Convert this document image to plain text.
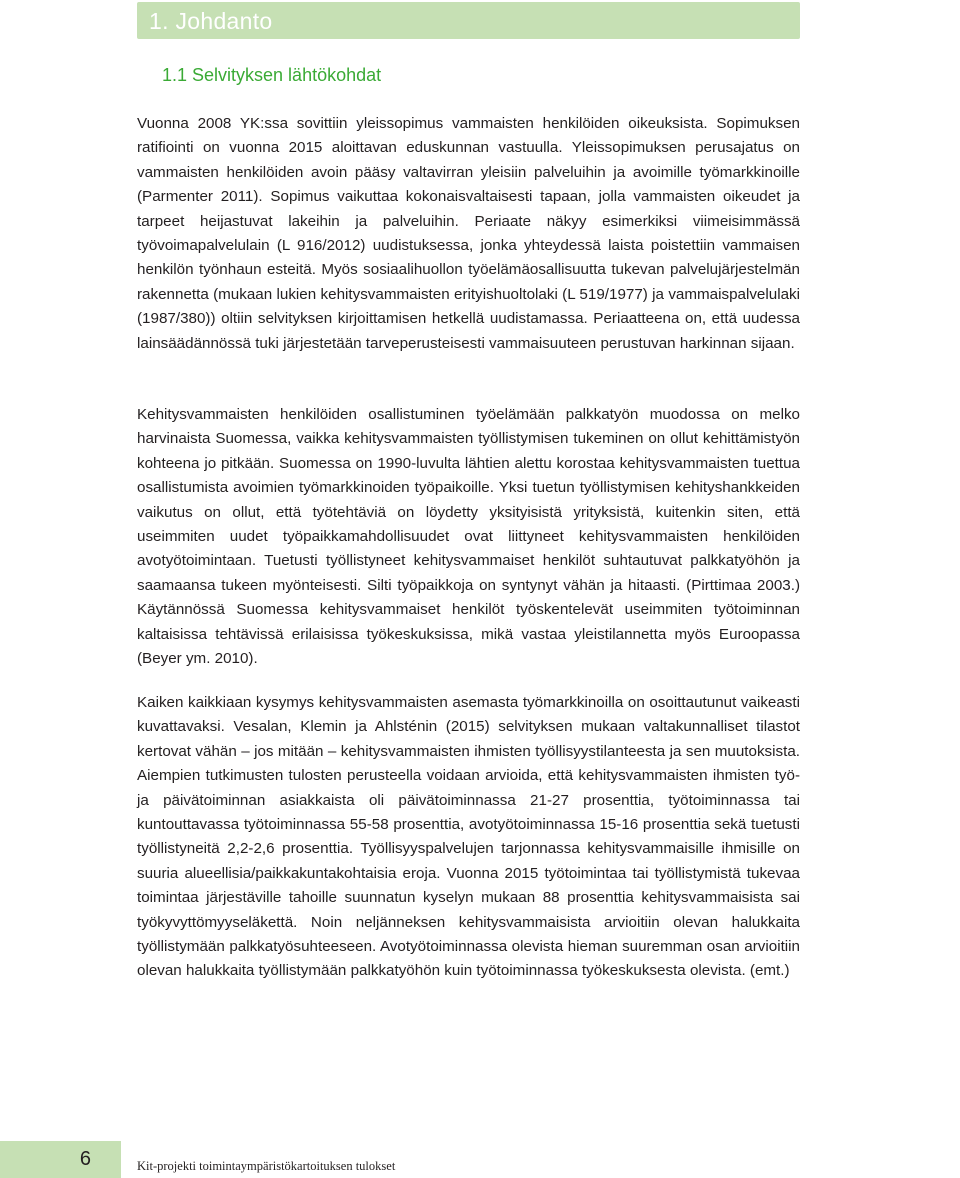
1. Johdanto
1.1 Selvityksen lähtökohdat

Vuonna 2008 YK:ssa sovittiin yleissopimus vammaisten henkilöiden oikeuksista. Sopimuksen ratifiointi on vuonna 2015 aloittavan eduskunnan vastuulla. Yleissopimuksen perusajatus on vammaisten henkilöiden avoin pääsy valtavirran yleisiin palveluihin ja avoimille työmarkkinoille (Parmenter 2011). Sopimus vaikuttaa kokonaisvaltaisesti tapaan, jolla vammaisten oikeudet ja tarpeet heijastuvat lakeihin ja palveluihin. Periaate näkyy esimerkiksi viimeisimmässä työvoimapalvelulain (L 916/2012) uudistuksessa, jonka yhteydessä laista poistettiin vammaisen henkilön työnhaun esteitä. Myös sosiaalihuollon työelämäosallisuutta tukevan palvelujärjestelmän rakennetta (mukaan lukien kehitysvammaisten erityishuoltolaki (L 519/1977) ja vammaispalvelulaki (1987/380)) oltiin selvityksen kirjoittamisen hetkellä uudistamassa. Periaatteena on, että uudessa lainsäädännössä tuki järjestetään tarveperusteisesti vammaisuuteen perustuvan harkinnan sijaan.

Kehitysvammaisten henkilöiden osallistuminen työelämään palkkatyön muodossa on melko harvinaista Suomessa, vaikka kehitysvammaisten työllistymisen tukeminen on ollut kehittämistyön kohteena jo pitkään. Suomessa on 1990-luvulta lähtien alettu korostaa kehitysvammaisten tuettua osallistumista avoimien työmarkkinoiden työpaikoille. Yksi tuetun työllistymisen kehityshankkeiden vaikutus on ollut, että työtehtäviä on löydetty yksityisistä yrityksistä, kuitenkin siten, että useimmiten uudet työpaikkamahdollisuudet ovat liittyneet kehitysvammaisten henkilöiden avotyötoimintaan. Tuetusti työllistyneet kehitysvammaiset henkilöt suhtautuvat palkkatyöhön ja saamaansa tukeen myönteisesti. Silti työpaikkoja on syntynyt vähän ja hitaasti. (Pirttimaa 2003.) Käytännössä Suomessa kehitysvammaiset henkilöt työskentelevät useimmiten työtoiminnan kaltaisissa tehtävissä erilaisissa työkeskuksissa, mikä vastaa yleistilannetta myös Euroopassa (Beyer ym. 2010).

Kaiken kaikkiaan kysymys kehitysvammaisten asemasta työmarkkinoilla on osoittautunut vaikeasti kuvattavaksi. Vesalan, Klemin ja Ahlsténin (2015) selvityksen mukaan valtakunnalliset tilastot kertovat vähän – jos mitään – kehitysvammaisten ihmisten työllisyystilanteesta ja sen muutoksista. Aiempien tutkimusten tulosten perusteella voidaan arvioida, että kehitysvammaisten ihmisten työ- ja päivätoiminnan asiakkaista oli päivätoiminnassa 21-27 prosenttia, työtoiminnassa tai kuntouttavassa työtoiminnassa 55-58 prosenttia, avotyötoiminnassa 15-16 prosenttia sekä tuetusti työllistyneitä 2,2-2,6 prosenttia. Työllisyyspalvelujen tarjonnassa kehitysvammaisille ihmisille on suuria alueellisia/paikkakuntakohtaisia eroja. Vuonna 2015 työtoimintaa tai työllistymistä tukevaa toimintaa järjestäville tahoille suunnatun kyselyn mukaan 88 prosenttia kehitysvammaisista sai työkyvyttömyyseläkettä. Noin neljänneksen kehitysvammaisista arvioitiin olevan halukkaita työllistymään palkkatyösuhteeseen. Avotyötoiminnassa olevista hieman suuremman osan arvioitiin olevan halukkaita työllistymään palkkatyöhön kuin työtoiminnassa työkeskuksesta olevista. (emt.)

6	Kit-projekti toimintaympäristökartoituksen tulokset
